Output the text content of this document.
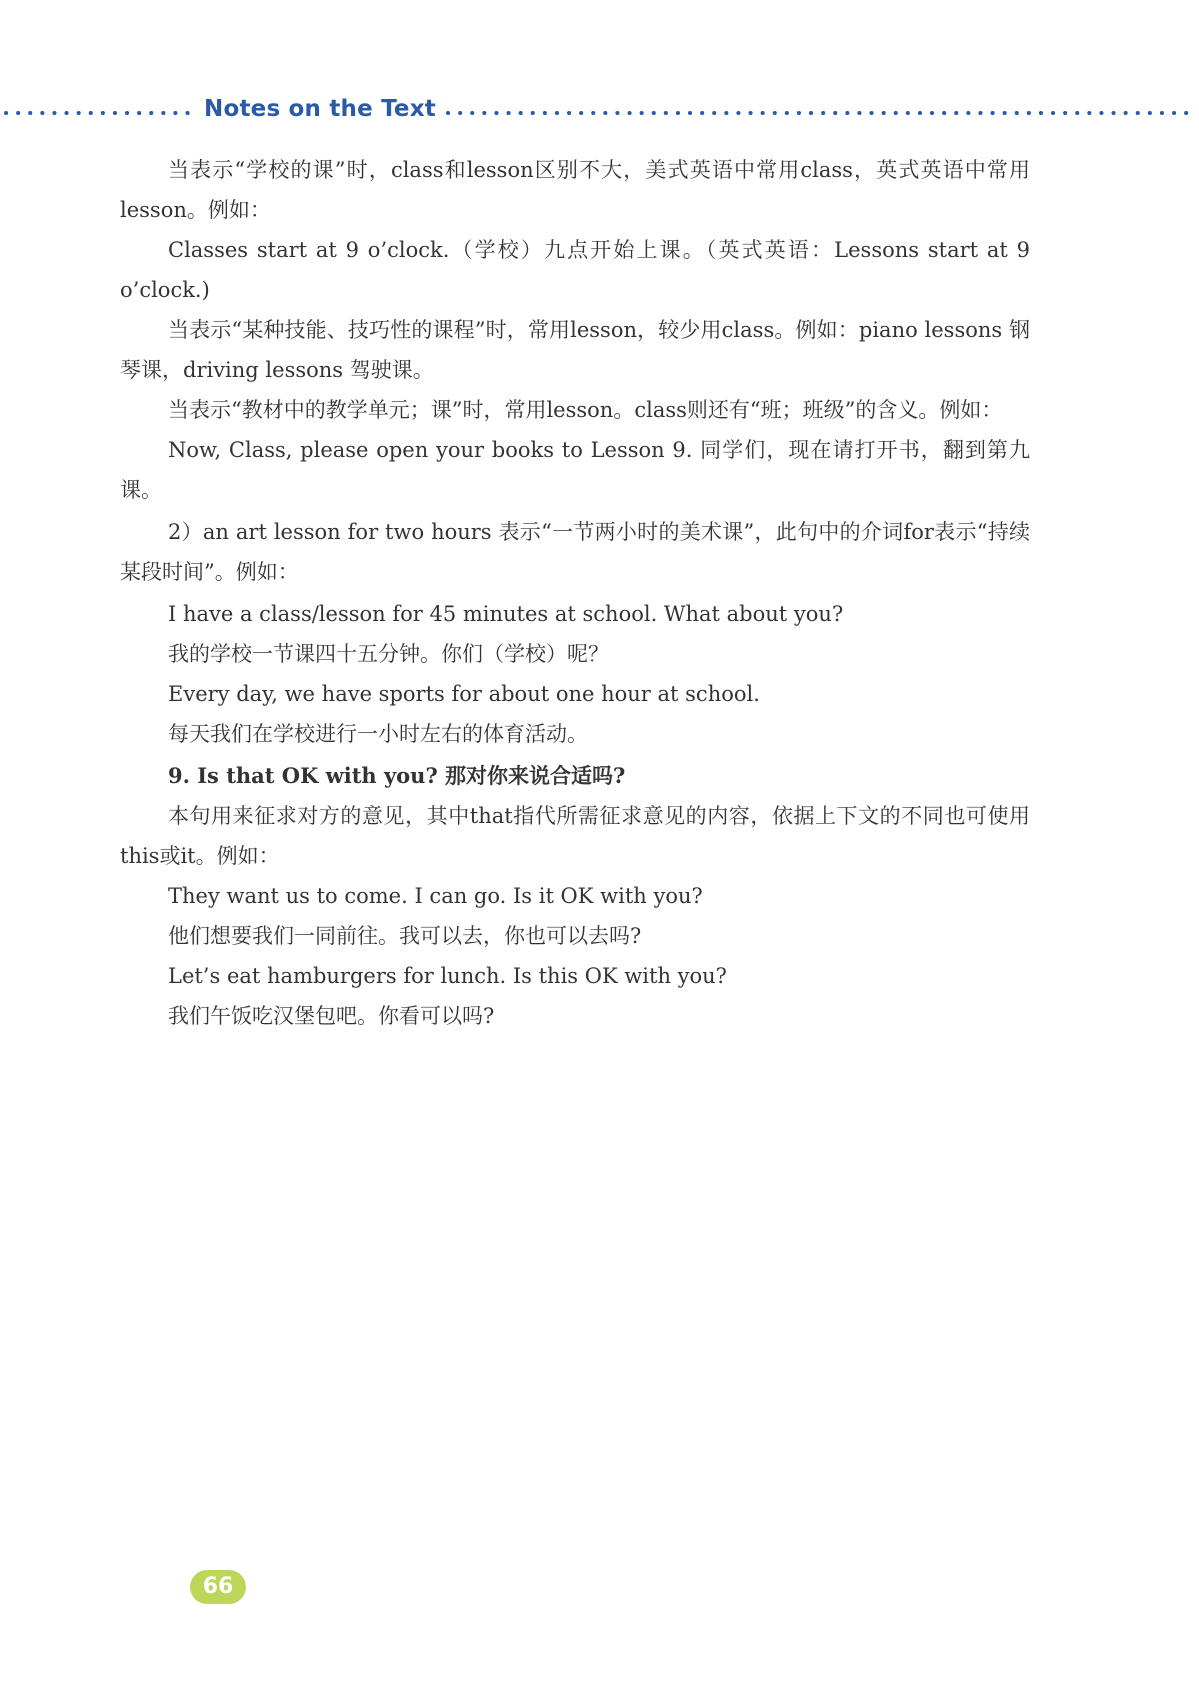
Notes on the Text

当表示“学校的课”时，class和lesson区别不大，美式英语中常用class，英式英语中常用lesson。例如：

Classes start at 9 o’clock.（学校）九点开始上课。（英式英语：Lessons start at 9 o’clock.)

当表示“某种技能、技巧性的课程”时，常用lesson，较少用class。例如：piano lessons 钢琴课，driving lessons 驾驶课。

当表示“教材中的教学单元；课”时，常用lesson。class则还有“班；班级”的含义。例如：

Now, Class, please open your books to Lesson 9. 同学们，现在请打开书，翻到第九课。

2）an art lesson for two hours 表示“一节两小时的美术课”，此句中的介词for表示“持续某段时间”。例如：

I have a class/lesson for 45 minutes at school. What about you?

我的学校一节课四十五分钟。你们（学校）呢？

Every day, we have sports for about one hour at school.

每天我们在学校进行一小时左右的体育活动。

9. Is that OK with you? 那对你来说合适吗?

本句用来征求对方的意见，其中that指代所需征求意见的内容，依据上下文的不同也可使用this或it。例如：

They want us to come. I can go. Is it OK with you?

他们想要我们一同前往。我可以去，你也可以去吗?

Let’s eat hamburgers for lunch. Is this OK with you?

我们午饭吃汉堡包吧。你看可以吗?

66
